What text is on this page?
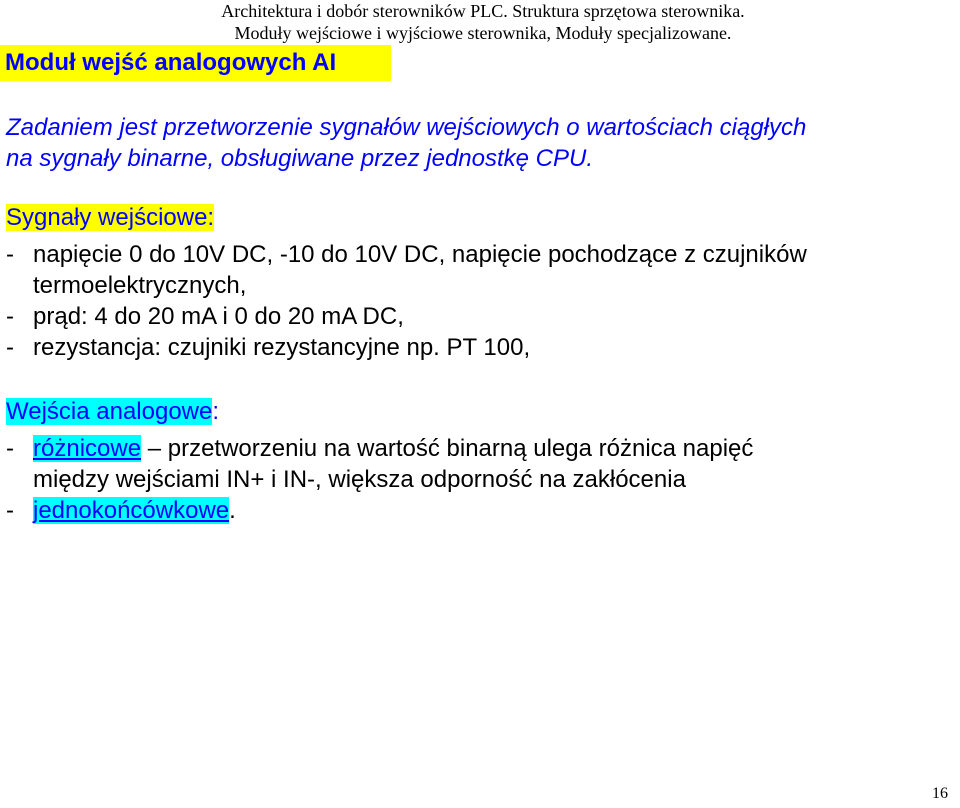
Architektura i dobór sterowników PLC. Struktura sprzętowa sterownika.
Moduły wejściowe i wyjściowe sterownika, Moduły specjalizowane.
Moduł wejść analogowych AI
Zadaniem jest przetworzenie sygnałów wejściowych o wartościach ciągłych
na sygnały binarne, obsługiwane przez jednostkę CPU.
Sygnały wejściowe:
- napięcie 0 do 10V DC, -10 do 10V DC, napięcie pochodzące z czujników
termoelektrycznych,
- prąd: 4 do 20 mA i 0 do 20 mA DC,
- rezystancja: czujniki rezystancyjne np. PT 100,
Wejścia analogowe:
- różnicowe – przetworzeniu na wartość binarną ulega różnica napięć
między wejściami IN+ i IN-, większa odporność na zakłócenia
- jednokońcówkowe.
16
